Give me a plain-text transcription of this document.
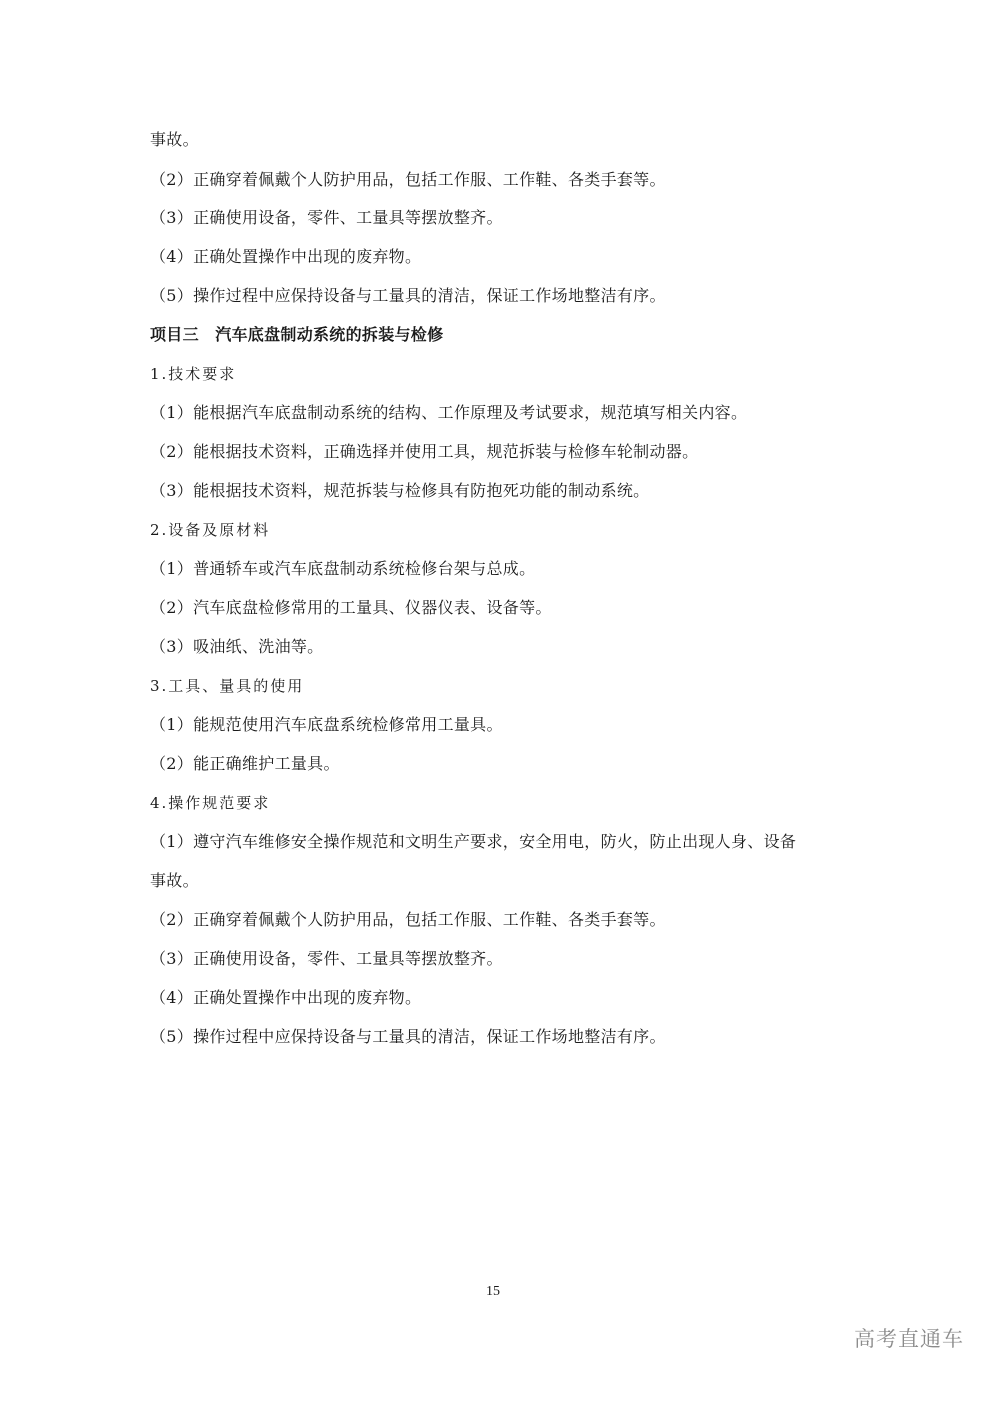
事故。
（2）正确穿着佩戴个人防护用品，包括工作服、工作鞋、各类手套等。
（3）正确使用设备，零件、工量具等摆放整齐。
（4）正确处置操作中出现的废弃物。
（5）操作过程中应保持设备与工量具的清洁，保证工作场地整洁有序。
项目三　汽车底盘制动系统的拆装与检修
1.技术要求
（1）能根据汽车底盘制动系统的结构、工作原理及考试要求，规范填写相关内容。
（2）能根据技术资料，正确选择并使用工具，规范拆装与检修车轮制动器。
（3）能根据技术资料，规范拆装与检修具有防抱死功能的制动系统。
2.设备及原材料
（1）普通轿车或汽车底盘制动系统检修台架与总成。
（2）汽车底盘检修常用的工量具、仪器仪表、设备等。
（3）吸油纸、洗油等。
3.工具、量具的使用
（1）能规范使用汽车底盘系统检修常用工量具。
（2）能正确维护工量具。
4.操作规范要求
（1）遵守汽车维修安全操作规范和文明生产要求，安全用电，防火，防止出现人身、设备
事故。
（2）正确穿着佩戴个人防护用品，包括工作服、工作鞋、各类手套等。
（3）正确使用设备，零件、工量具等摆放整齐。
（4）正确处置操作中出现的废弃物。
（5）操作过程中应保持设备与工量具的清洁，保证工作场地整洁有序。
15
高考直通车
